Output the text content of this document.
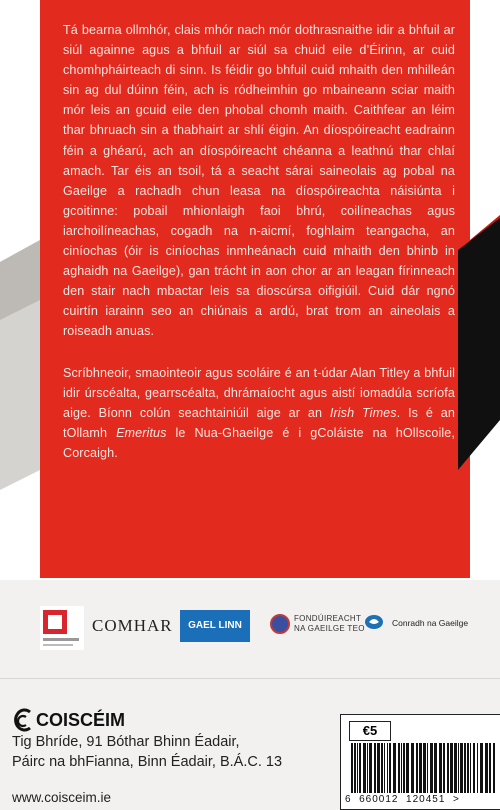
Tá bearna ollmhór, clais mhór nach mór dothrasnaithe idir a bhfuil ar siúl againne agus a bhfuil ar siúl sa chuid eile d’Éirinn, ar cuid chomhpháirteach di sinn. Is féidir go bhfuil cuid mhaith den mhilleán sin ag dul dúinn féin, ach is ródheimhin go mbaineann sciar maith mór leis an gcuid eile den phobal chomh maith. Caithfear an léim thar bhruach sin a thabhairt ar shlí éigin. An díospóireacht eadrainn féin a ghéarú, ach an díospóireacht chéanna a leathnú thar chlaí amach. Tar éis an tsoil, tá a seacht sárai saineolais ag pobal na Gaeilge a rachadh chun leasa na díospóireachta náisiúnta i gcoitinne: pobail mhionlaigh faoi bhrú, coilíneachas agus iarchoilíneachas, cogadh na n-aicmí, foghlaim teangacha, an ciníochas (óir is ciníochas inmheánach cuid mhaith den bhinb in aghaidh na Gaeilge), gan trácht in aon chor ar an leagan fírinneach den stair nach mbactar leis sa dioscúrsa oifigiúil. Cuid dár ngnó cuirtín iarainn seo an chiúnais a ardú, brat trom an aineolais a roiseadh anuas.

Scríbhneoir, smaointeoir agus scoláire é an t-údar Alan Titley a bhfuil idir úrscéalta, gearrscéalta, dhrámaíocht agus aistí iomadúla scríofa aige. Bíonn colún seachtainiúil aige ar an Irish Times. Is é an tOllamh Emeritus le Nua-Ghaeilge é i gColáiste na hOllscoile, Corcaigh.

COMHAR	GAEL LINN
FONDÚIREACHT
NA GAEILGE TEO
Conradh na Gaeilge
COISCÉIM
Tig Bhríde, 91 Bóthar Bhinn Éadair,
Páirc na bhFianna, Binn Éadair, B.Á.C. 13
www.coisceim.ie
€5
6  660012  120451  >
